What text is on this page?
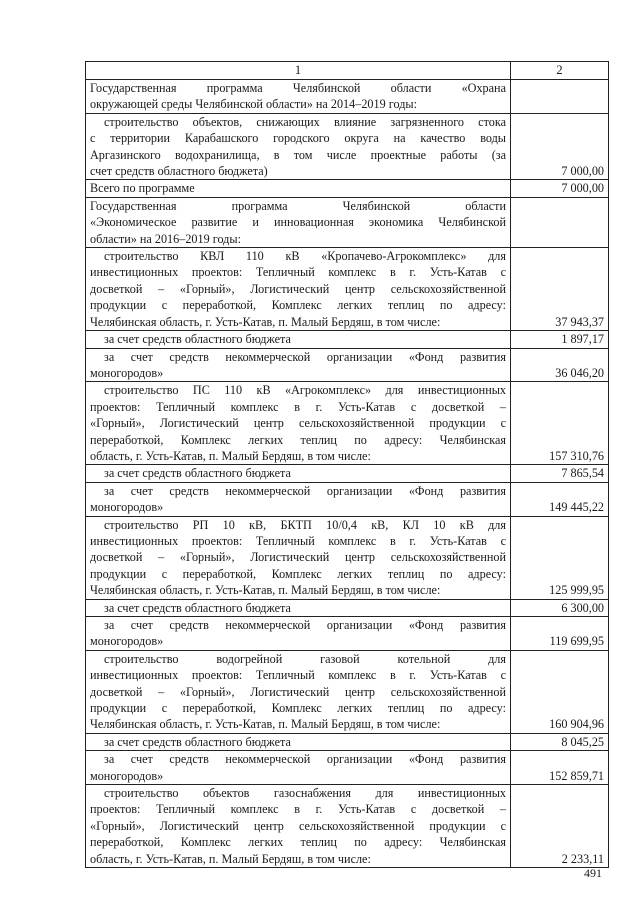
1	2
Государственная программа Челябинской области «Охрана
окружающей среды Челябинской области» на 2014–2019 годы:
строительство объектов, снижающих влияние загрязненного стока
с территории Карабашского городского округа на качество воды
Аргазинского водохранилища, в том числе проектные работы (за
счет средств областного бюджета)	7 000,00
Всего по программе	7 000,00
Государственная программа Челябинской области
«Экономическое развитие и инновационная экономика Челябинской
области» на 2016–2019 годы:
строительство КВЛ 110 кВ «Кропачево-Агрокомплекс» для
инвестиционных проектов: Тепличный комплекс в г. Усть-Катав с
досветкой – «Горный», Логистический центр сельскохозяйственной
продукции с переработкой, Комплекс легких теплиц по адресу:
Челябинская область, г. Усть-Катав, п. Малый Бердяш, в том числе:	37 943,37
за счет средств областного бюджета	1 897,17
за счет средств некоммерческой организации «Фонд развития
моногородов»	36 046,20
строительство ПС 110 кВ «Агрокомплекс» для инвестиционных
проектов: Тепличный комплекс в г. Усть-Катав с досветкой –
«Горный», Логистический центр сельскохозяйственной продукции с
переработкой, Комплекс легких теплиц по адресу: Челябинская
область, г. Усть-Катав, п. Малый Бердяш, в том числе:	157 310,76
за счет средств областного бюджета	7 865,54
за счет средств некоммерческой организации «Фонд развития
моногородов»	149 445,22
строительство РП 10 кВ, БКТП 10/0,4 кВ, КЛ 10 кВ для
инвестиционных проектов: Тепличный комплекс в г. Усть-Катав с
досветкой – «Горный», Логистический центр сельскохозяйственной
продукции с переработкой, Комплекс легких теплиц по адресу:
Челябинская область, г. Усть-Катав, п. Малый Бердяш, в том числе:	125 999,95
за счет средств областного бюджета	6 300,00
за счет средств некоммерческой организации «Фонд развития
моногородов»	119 699,95
строительство водогрейной газовой котельной для
инвестиционных проектов: Тепличный комплекс в г. Усть-Катав с
досветкой – «Горный», Логистический центр сельскохозяйственной
продукции с переработкой, Комплекс легких теплиц по адресу:
Челябинская область, г. Усть-Катав, п. Малый Бердяш, в том числе:	160 904,96
за счет средств областного бюджета	8 045,25
за счет средств некоммерческой организации «Фонд развития
моногородов»	152 859,71
строительство объектов газоснабжения для инвестиционных
проектов: Тепличный комплекс в г. Усть-Катав с досветкой –
«Горный», Логистический центр сельскохозяйственной продукции с
переработкой, Комплекс легких теплиц по адресу: Челябинская
область, г. Усть-Катав, п. Малый Бердяш, в том числе:	2 233,11
491
